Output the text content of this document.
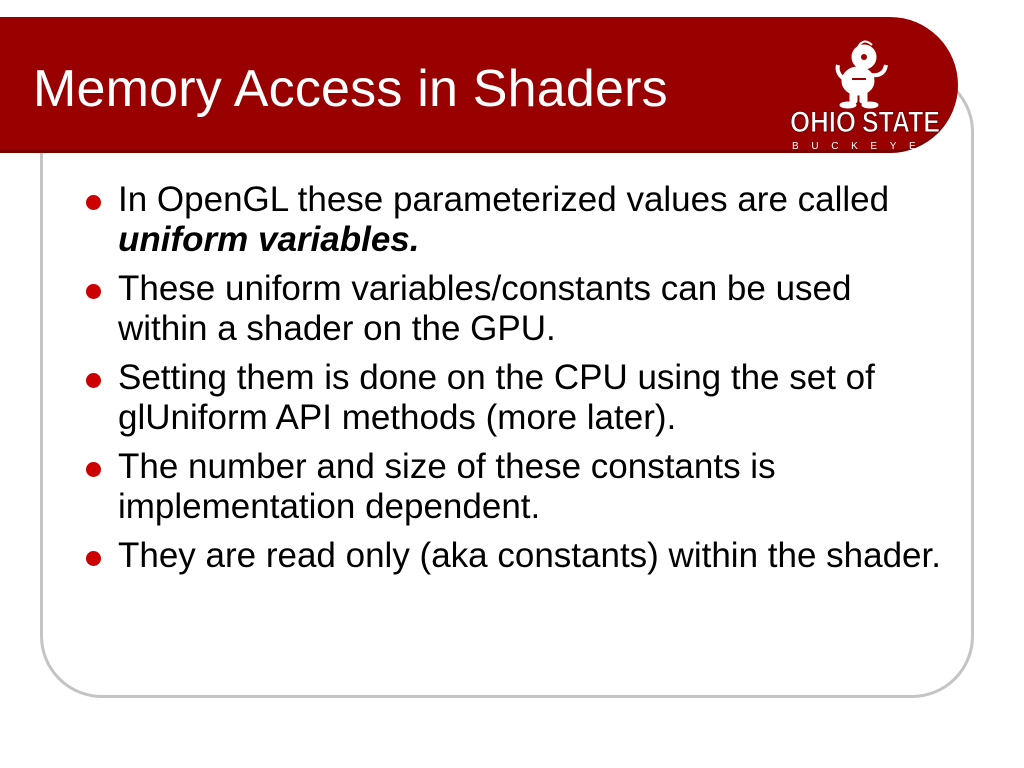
Memory Access in Shaders
OHIO STATE
BUCKEYES TM
In OpenGL these parameterized values are called uniform variables.
These uniform variables/constants can be used within a shader on the GPU.
Setting them is done on the CPU using the set of glUniform API methods (more later).
The number and size of these constants is implementation dependent.
They are read only (aka constants) within the shader.
